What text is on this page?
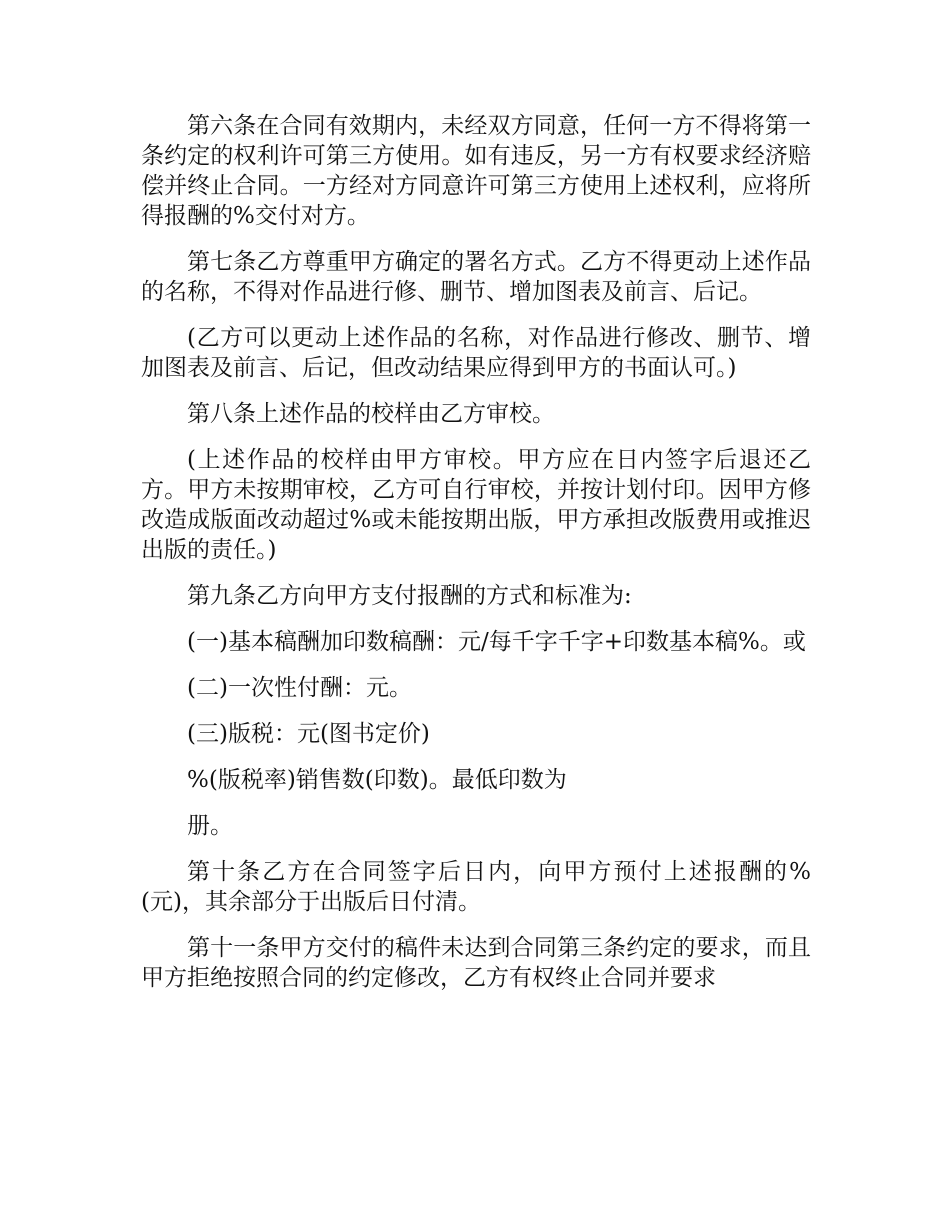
第六条在合同有效期内，未经双方同意，任何一方不得将第一条约定的权利许可第三方使用。如有违反，另一方有权要求经济赔偿并终止合同。一方经对方同意许可第三方使用上述权利，应将所得报酬的%交付对方。

第七条乙方尊重甲方确定的署名方式。乙方不得更动上述作品的名称，不得对作品进行修、删节、增加图表及前言、后记。

(乙方可以更动上述作品的名称，对作品进行修改、删节、增加图表及前言、后记，但改动结果应得到甲方的书面认可。)

第八条上述作品的校样由乙方审校。

(上述作品的校样由甲方审校。甲方应在日内签字后退还乙方。甲方未按期审校，乙方可自行审校，并按计划付印。因甲方修改造成版面改动超过%或未能按期出版，甲方承担改版费用或推迟出版的责任。)

第九条乙方向甲方支付报酬的方式和标准为:

(一)基本稿酬加印数稿酬：元/每千字千字+印数基本稿%。或

(二)一次性付酬：元。

(三)版税：元(图书定价)

%(版税率)销售数(印数)。最低印数为

册。

第十条乙方在合同签字后日内，向甲方预付上述报酬的%(元)，其余部分于出版后日付清。

第十一条甲方交付的稿件未达到合同第三条约定的要求，而且甲方拒绝按照合同的约定修改，乙方有权终止合同并要求
